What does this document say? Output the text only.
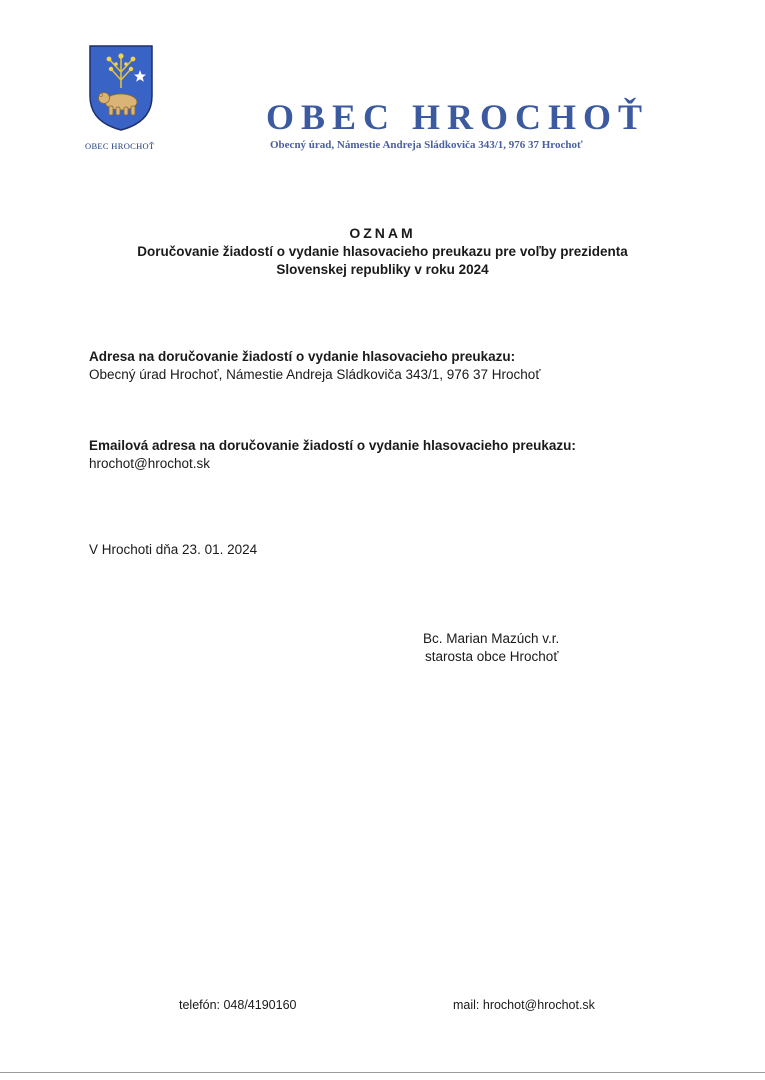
OBEC HROCHOŤ
OBEC HROCHOŤ
Obecný úrad, Námestie Andreja Sládkoviča 343/1, 976 37 Hrochoť
OZNAM
Doručovanie žiadostí o vydanie hlasovacieho preukazu pre voľby prezidenta
Slovenskej republiky v roku 2024
Adresa na doručovanie žiadostí o vydanie hlasovacieho preukazu:
Obecný úrad Hrochoť, Námestie Andreja Sládkoviča 343/1, 976 37 Hrochoť
Emailová adresa na doručovanie žiadostí o vydanie hlasovacieho preukazu:
hrochot@hrochot.sk
V Hrochoti dňa 23. 01. 2024
Bc. Marian Mazúch v.r.
starosta obce Hrochoť
telefón: 048/4190160	mail: hrochot@hrochot.sk
